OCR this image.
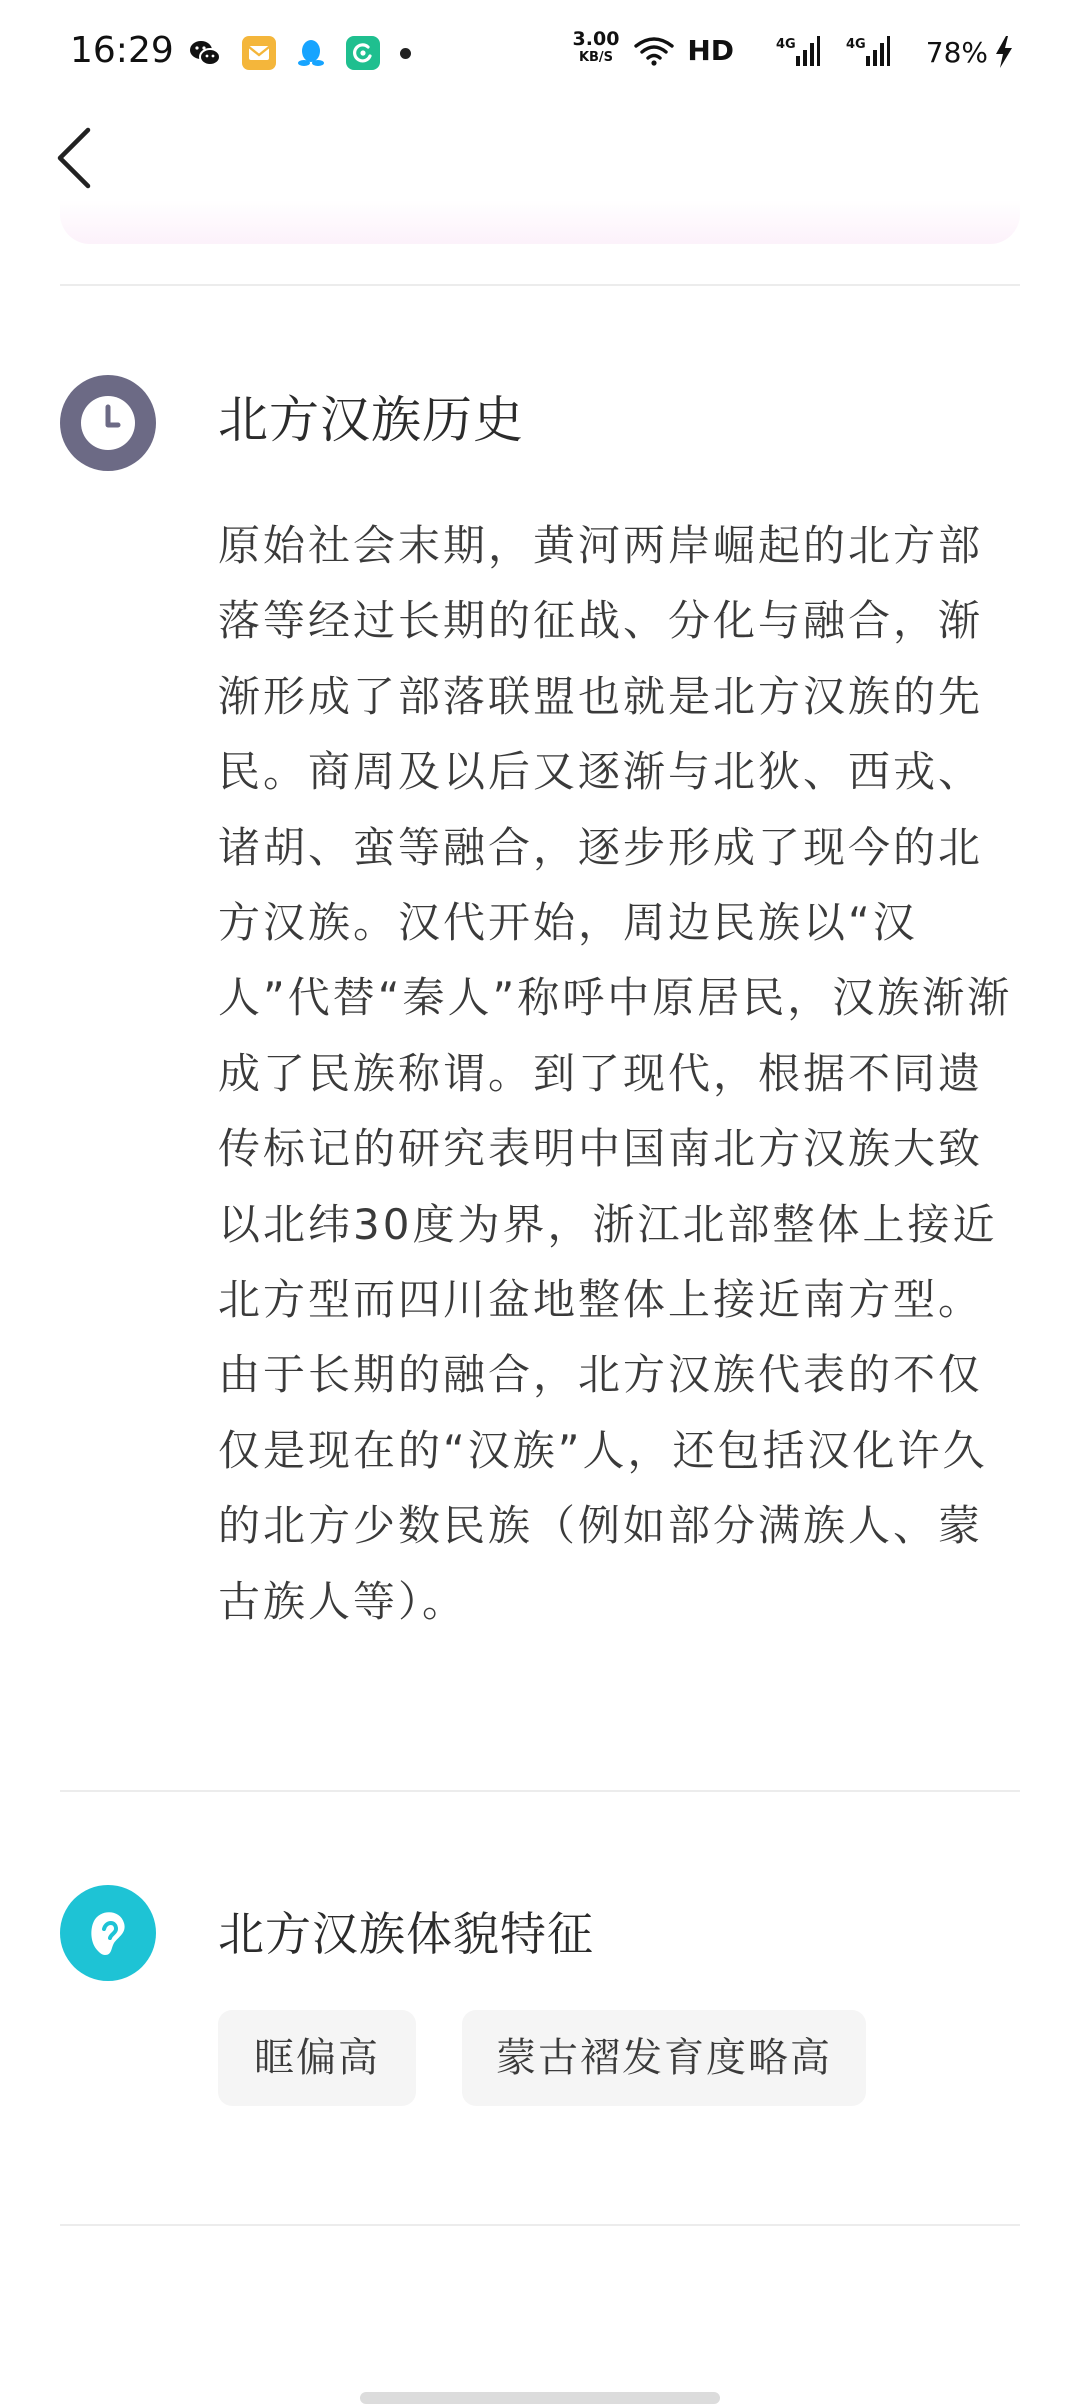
16:29	3.00
KB/S	HD	4G	4G 78%
北方汉族历史
原始社会末期，黄河两岸崛起的北方部落等经过长期的征战、分化与融合，渐渐形成了部落联盟也就是北方汉族的先民。商周及以后又逐渐与北狄、西戎、诸胡、蛮等融合，逐步形成了现今的北方汉族。汉代开始，周边民族以“汉人”代替“秦人”称呼中原居民，汉族渐渐成了民族称谓。到了现代，根据不同遗传标记的研究表明中国南北方汉族大致以北纬30度为界，浙江北部整体上接近北方型而四川盆地整体上接近南方型。由于长期的融合，北方汉族代表的不仅仅是现在的“汉族”人，还包括汉化许久的北方少数民族（例如部分满族人、蒙古族人等）。
北方汉族体貌特征
眶偏高	蒙古褶发育度略高
